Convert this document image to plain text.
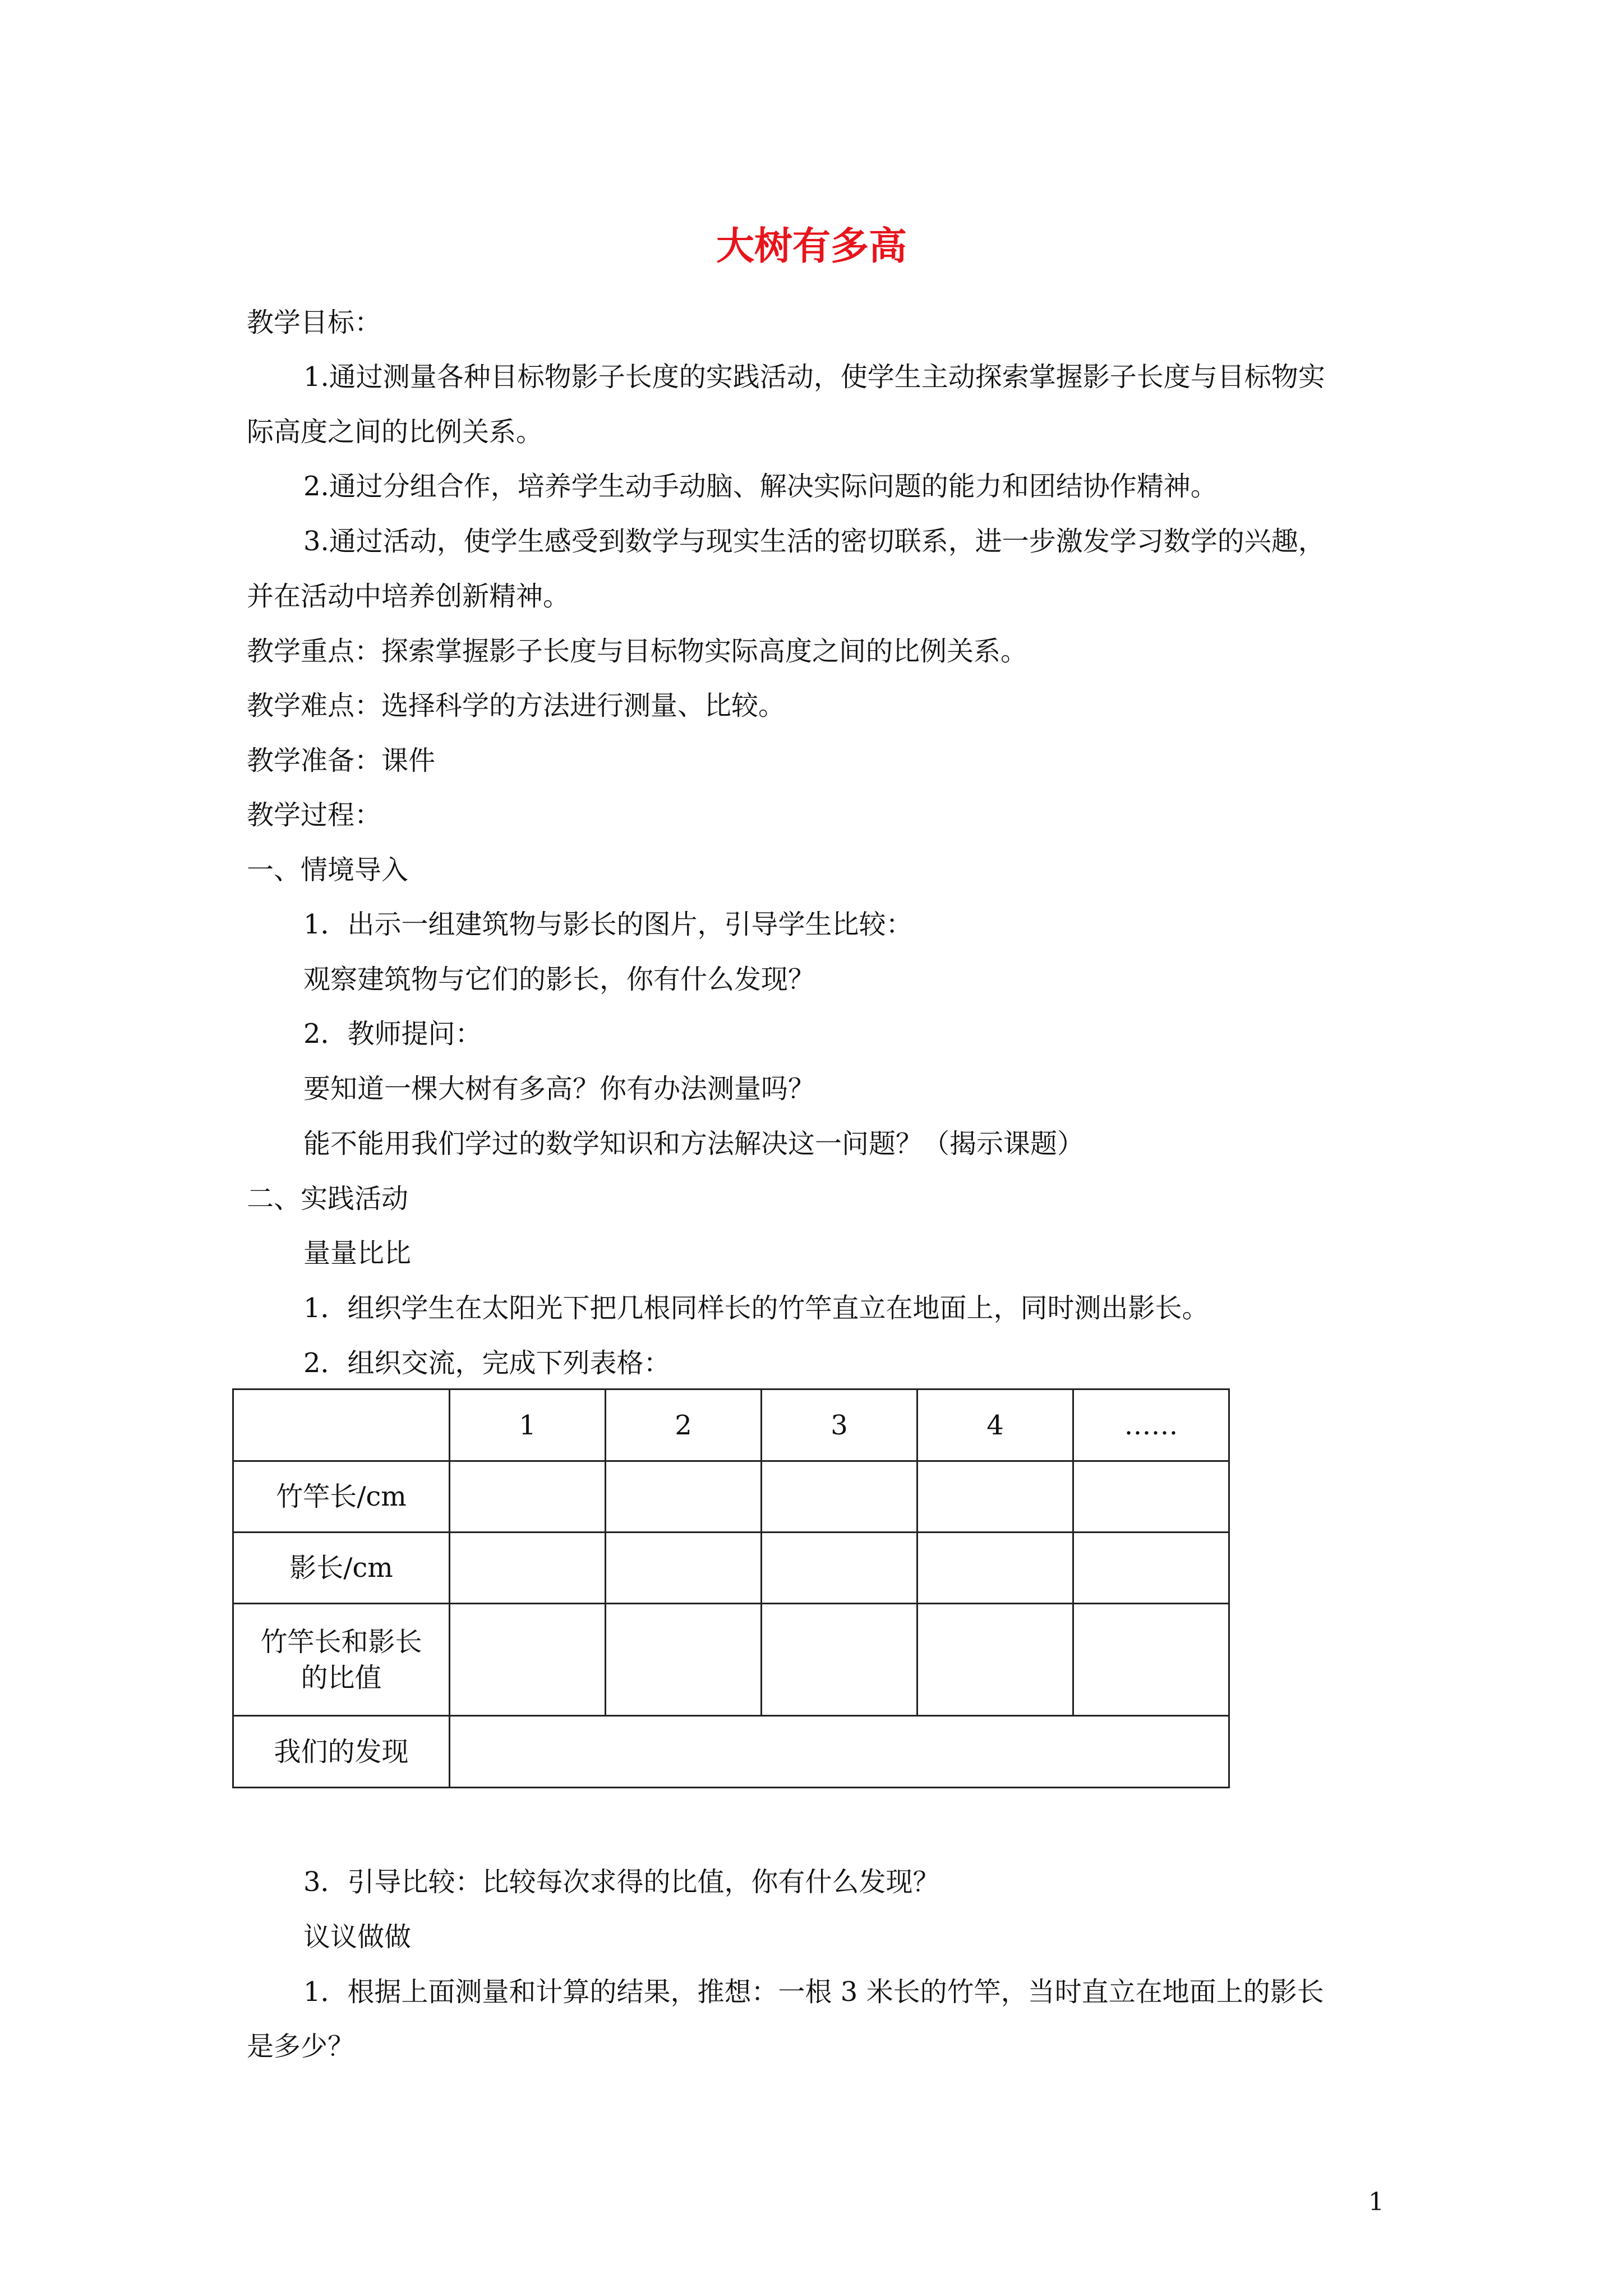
大树有多高
教学目标：
1.通过测量各种目标物影子长度的实践活动，使学生主动探索掌握影子长度与目标物实
际高度之间的比例关系。
2.通过分组合作，培养学生动手动脑、解决实际问题的能力和团结协作精神。
3.通过活动，使学生感受到数学与现实生活的密切联系，进一步激发学习数学的兴趣，
并在活动中培养创新精神。
教学重点：探索掌握影子长度与目标物实际高度之间的比例关系。
教学难点：选择科学的方法进行测量、比较。
教学准备：课件
教学过程：
一、情境导入
1．出示一组建筑物与影长的图片，引导学生比较：
观察建筑物与它们的影长，你有什么发现？
2．教师提问：
要知道一棵大树有多高？你有办法测量吗？
能不能用我们学过的数学知识和方法解决这一问题？（揭示课题）
二、实践活动
量量比比
1．组织学生在太阳光下把几根同样长的竹竿直立在地面上，同时测出影长。
2．组织交流，完成下列表格：
	1	2	3	4	……
竹竿长/cm					
影长/cm					

竹竿长和影长
的比值					

我们的发现					
3．引导比较：比较每次求得的比值，你有什么发现？
议议做做
1．根据上面测量和计算的结果，推想：一根 3 米长的竹竿，当时直立在地面上的影长
是多少？
1
